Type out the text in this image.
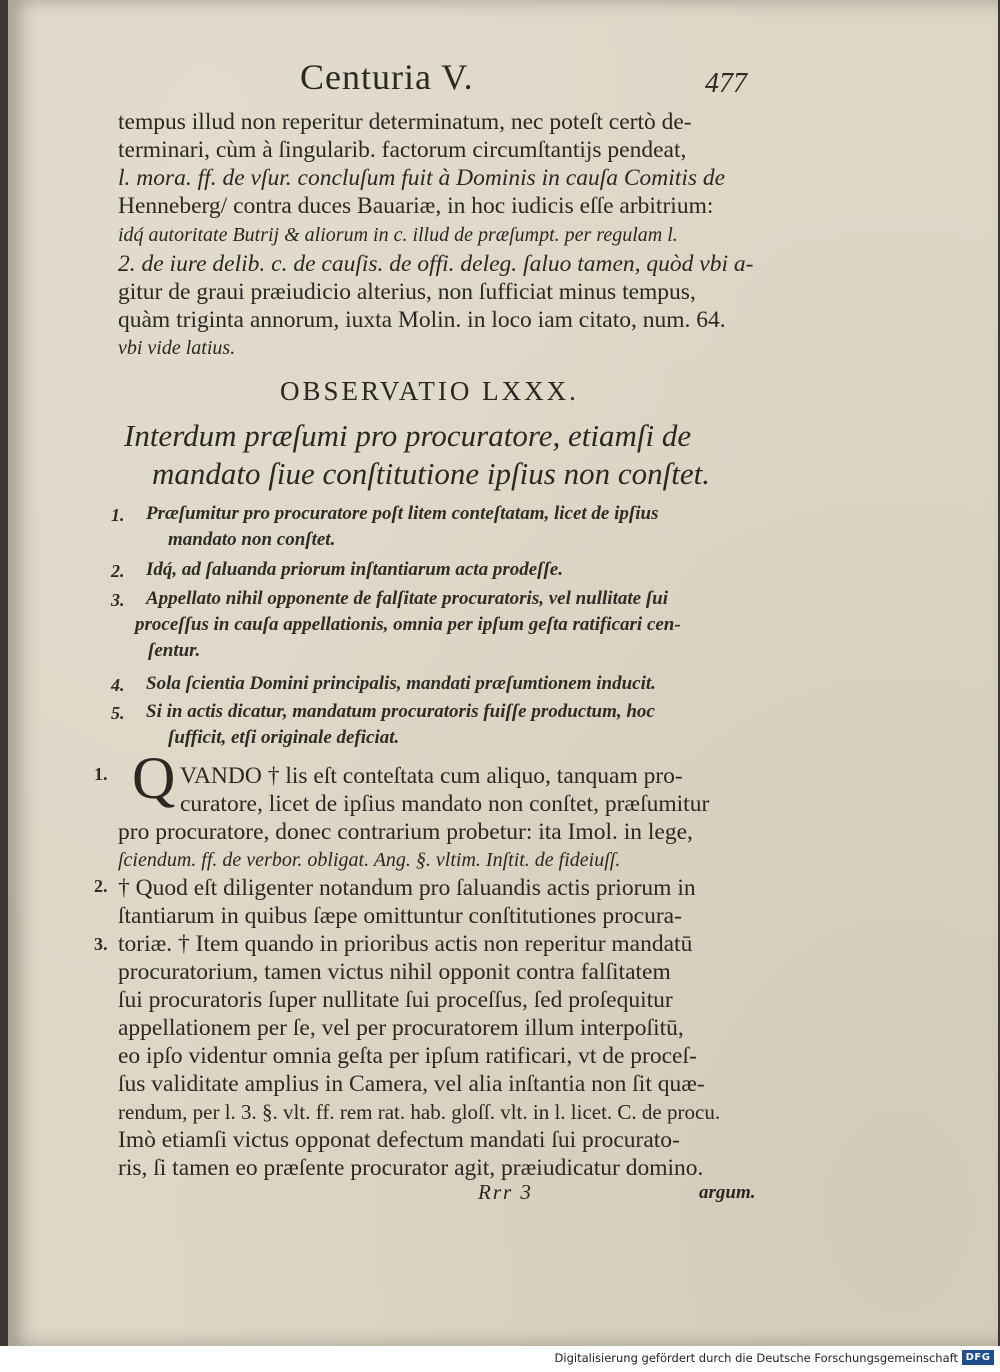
Centuria V.	477
tempus illud non reperitur determinatum, nec poteſt certò de-
terminari, cùm à ſingularib. factorum circumſtantijs pendeat,
l. mora. ff. de vſur. concluſum fuit à Dominis in cauſa Comitis de
Henneberg/ contra duces Bauariæ, in hoc iudicis eſſe arbitrium:
idq́ autoritate Butrij & aliorum in c. illud de præſumpt. per regulam l.
2. de iure delib. c. de cauſis. de offi. deleg. ſaluo tamen, quòd vbi a-
gitur de graui præiudicio alterius, non ſufficiat minus tempus,
quàm triginta annorum, iuxta Molin. in loco iam citato, num. 64.
vbi vide latius.
OBSERVATIO LXXX.
Interdum præſumi pro procuratore, etiamſi de
mandato ſiue conſtitutione ipſius non conſtet.
1. Præſumitur pro procuratore poſt litem conteſtatam, licet de ipſius
mandato non conſtet.
2. Idq́, ad ſaluanda priorum inſtantiarum acta prodeſſe.
3. Appellato nihil opponente de falſitate procuratoris, vel nullitate ſui
proceſſus in cauſa appellationis, omnia per ipſum geſta ratificari cen-
ſentur.
4. Sola ſcientia Domini principalis, mandati præſumtionem inducit.
5. Si in actis dicatur, mandatum procuratoris fuiſſe productum, hoc
ſufficit, etſi originale deficiat.
1. Q VANDO † lis eſt conteſtata cum aliquo, tanquam pro-
curatore, licet de ipſius mandato non conſtet, præſumitur
pro procuratore, donec contrarium probetur: ita Imol. in lege,
ſciendum. ff. de verbor. obligat. Ang. §. vltim. Inſtit. de fideiuſſ.
2. † Quod eſt diligenter notandum pro ſaluandis actis priorum in
ſtantiarum in quibus ſæpe omittuntur conſtitutiones procura-
3. toriæ. † Item quando in prioribus actis non reperitur mandatū
procuratorium, tamen victus nihil opponit contra falſitatem
ſui procuratoris ſuper nullitate ſui proceſſus, ſed proſequitur
appellationem per ſe, vel per procuratorem illum interpoſitū,
eo ipſo videntur omnia geſta per ipſum ratificari, vt de proceſ-
ſus validitate amplius in Camera, vel alia inſtantia non ſit quæ-
rendum, per l. 3. §. vlt. ff. rem rat. hab. gloſſ. vlt. in l. licet. C. de procu.
Imò etiamſi victus opponat defectum mandati ſui procurato-
ris, ſi tamen eo præſente procurator agit, præiudicatur domino.
Rrr 3	argum.
Digitalisierung gefördert durch die Deutsche Forschungsgemeinschaft DFG
